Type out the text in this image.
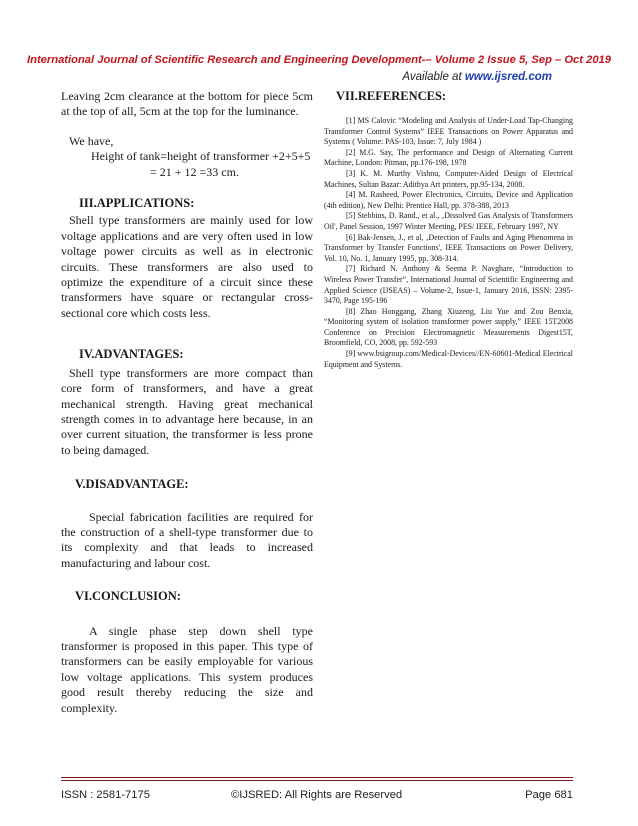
International Journal of Scientific Research and Engineering Development-– Volume 2 Issue 5, Sep – Oct 2019
Available at www.ijsred.com

Leaving 2cm clearance at the bottom for piece 5cm at the top of all, 5cm at the top for the luminance.

We have,

Height of tank=height of transformer +2+5+5

= 21 + 12 =33 cm.

III.APPLICATIONS:

Shell type transformers are mainly used for low voltage applications and are very often used in low voltage power circuits as well as in electronic circuits. These transformers are also used to optimize the expenditure of a circuit since these transformers have square or rectangular cross-sectional core which costs less.

IV.ADVANTAGES:

Shell type transformers are more compact than core form of transformers, and have a great mechanical strength. Having great mechanical strength comes in to advantage here because, in an over current situation, the transformer is less prone to being damaged.

V.DISADVANTAGE:

Special fabrication facilities are required for the construction of a shell-type transformer due to its complexity and that leads to increased manufacturing and labour cost.

VI.CONCLUSION:

A single phase step down shell type transformer is proposed in this paper. This type of transformers can be easily employable for various low voltage applications. This system produces good result thereby reducing the size and complexity.

VII.REFERENCES:

[1] MS Calovic “Modeling and Analysis of Under-Load Tap-Changing Transformer Control Systems” IEEE Transactions on Power Apparatus and Systems ( Volume: PAS-103, Issue: 7, July 1984 )

[2] M.G. Say, The performance and Design of Alternating Current Machine, London: Pitman, pp.176-198, 1978

[3] K. M. Murthy Vishnu, Computer-Aided Design of Electrical Machines, Sultan Bazar: Adithya Art printers, pp.95-134, 2008.

[4] M. Rasheed, Power Electronics, Circuits, Device and Application (4th edition), New Delhi: Prentice Hall, pp. 378-388, 2013

[5] Stebbins, D. Rand., et al., ‚Dissolved Gas Analysis of Transformers Oil', Panel Session, 1997 Winter Meeting, PES/ IEEE, February 1997, NY

[6] Bak-Jensen, J., et al, ‚Detection of Faults and Aging Phenomena in Transformer by Transfer Functions', IEEE Transactions on Power Delivery, Vol. 10, No. 1, January 1995, pp. 308-314.

[7] Richard N. Anthony & Seema P. Navghare, “Introduction to Wireless Power Transfer”, International Journal of Scientific Engineering and Applied Science (IJSEAS) – Volume-2, Issue-1, January 2016, ISSN: 2395-3470, Page 195-196

[8] Zhao Honggang, Zhang Xiuzeng, Liu Yue and Zou Benxia, “Monitoring system of isolation transformer power supply,” IEEE 15T2008 Conference on Precision Electromagnetic Measurements Digest15T, Broomfield, CO, 2008, pp. 592-593

[9] www.bsigroup.com/Medical-Devices//EN-60601-Medical Electrical Equipment and Systems.

ISSN : 2581-7175	©IJSRED: All Rights are Reserved	Page 681
